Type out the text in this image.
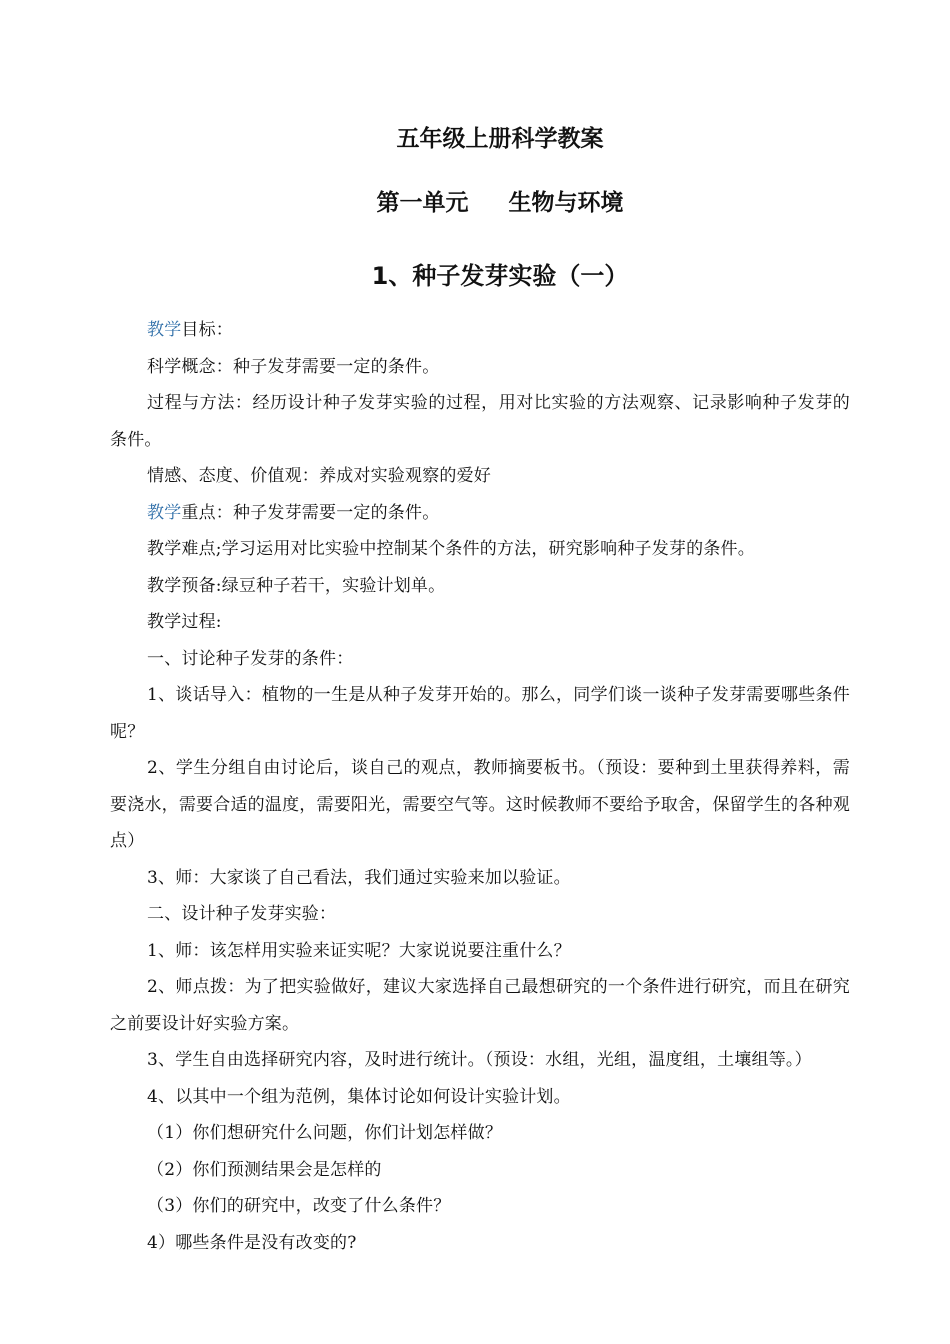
五年级上册科学教案
第一单元     生物与环境
1、种子发芽实验（一）

教学目标：

科学概念：种子发芽需要一定的条件。

过程与方法：经历设计种子发芽实验的过程，用对比实验的方法观察、记录影响种子发芽的条件。

情感、态度、价值观：养成对实验观察的爱好

教学重点：种子发芽需要一定的条件。

教学难点;学习运用对比实验中控制某个条件的方法，研究影响种子发芽的条件。

教学预备:绿豆种子若干，实验计划单。

教学过程:

一、讨论种子发芽的条件：

1、谈话导入：植物的一生是从种子发芽开始的。那么，同学们谈一谈种子发芽需要哪些条件呢？

2、学生分组自由讨论后，谈自己的观点，教师摘要板书。（预设：要种到土里获得养料，需要浇水，需要合适的温度，需要阳光，需要空气等。这时候教师不要给予取舍，保留学生的各种观点）

3、师：大家谈了自己看法，我们通过实验来加以验证。

二、设计种子发芽实验：

1、师：该怎样用实验来证实呢？大家说说要注重什么？

2、师点拨：为了把实验做好，建议大家选择自己最想研究的一个条件进行研究，而且在研究之前要设计好实验方案。

3、学生自由选择研究内容，及时进行统计。（预设：水组，光组，温度组，土壤组等。）

4、以其中一个组为范例，集体讨论如何设计实验计划。

（1）你们想研究什么问题，你们计划怎样做？

（2）你们预测结果会是怎样的

（3）你们的研究中，改变了什么条件？

4）哪些条件是没有改变的?
